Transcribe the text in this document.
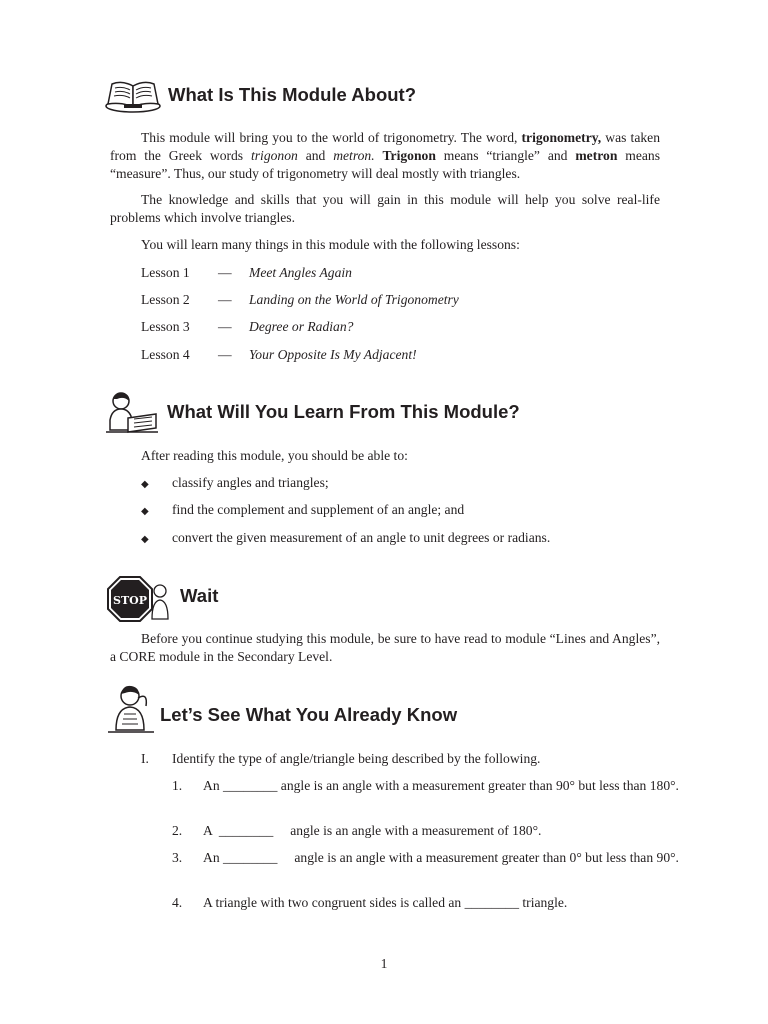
What Is This Module About?
This module will bring you to the world of trigonometry. The word, trigonometry, was taken from the Greek words trigonon and metron. Trigonon means “triangle” and metron means “measure”. Thus, our study of trigonometry will deal mostly with triangles.
The knowledge and skills that you will gain in this module will help you solve real-life problems which involve triangles.
You will learn many things in this module with the following lessons:
Lesson 1 — Meet Angles Again
Lesson 2 — Landing on the World of Trigonometry
Lesson 3 — Degree or Radian?
Lesson 4 — Your Opposite Is My Adjacent!
What Will You Learn From This Module?
After reading this module, you should be able to:
◆ classify angles and triangles;
◆ find the complement and supplement of an angle; and
◆ convert the given measurement of an angle to unit degrees or radians.
STOP Wait
Before you continue studying this module, be sure to have read to module “Lines and Angles”, a CORE module in the Secondary Level.
Let’s See What You Already Know
I. Identify the type of angle/triangle being described by the following.
1. An ________ angle is an angle with a measurement greater than 90° but less than 180°.
2. A  ________     angle is an angle with a measurement of 180°.
3. An ________     angle is an angle with a measurement greater than 0° but less than 90°.
4. A triangle with two congruent sides is called an ________ triangle.
1
